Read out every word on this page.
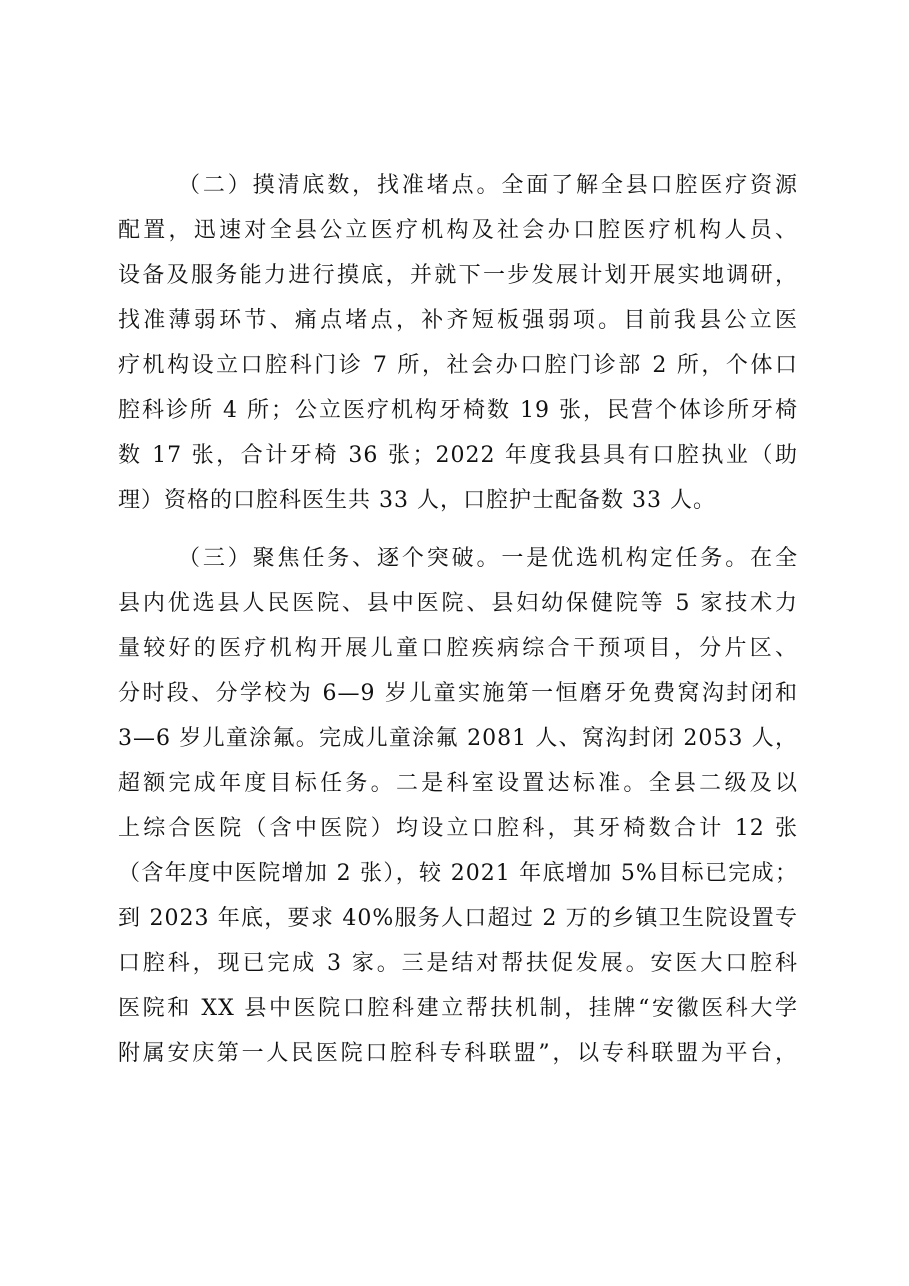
（二）摸清底数，找准堵点。全面了解全县口腔医疗资源
配置，迅速对全县公立医疗机构及社会办口腔医疗机构人员、
设备及服务能力进行摸底，并就下一步发展计划开展实地调研，
找准薄弱环节、痛点堵点，补齐短板强弱项。目前我县公立医
疗机构设立口腔科门诊 7 所，社会办口腔门诊部 2 所，个体口
腔科诊所 4 所；公立医疗机构牙椅数 19 张，民营个体诊所牙椅
数 17 张，合计牙椅 36 张；2022 年度我县具有口腔执业（助
理）资格的口腔科医生共 33 人，口腔护士配备数 33 人。
（三）聚焦任务、逐个突破。一是优选机构定任务。在全
县内优选县人民医院、县中医院、县妇幼保健院等 5 家技术力
量较好的医疗机构开展儿童口腔疾病综合干预项目，分片区、
分时段、分学校为 6—9 岁儿童实施第一恒磨牙免费窝沟封闭和
3—6 岁儿童涂氟。完成儿童涂氟 2081 人、窝沟封闭 2053 人，
超额完成年度目标任务。二是科室设置达标准。全县二级及以
上综合医院（含中医院）均设立口腔科，其牙椅数合计 12 张
（含年度中医院增加 2 张），较 2021 年底增加 5%目标已完成；
到 2023 年底，要求 40%服务人口超过 2 万的乡镇卫生院设置专
口腔科，现已完成 3 家。三是结对帮扶促发展。安医大口腔科
医院和 XX 县中医院口腔科建立帮扶机制，挂牌“安徽医科大学
附属安庆第一人民医院口腔科专科联盟”，以专科联盟为平台，
